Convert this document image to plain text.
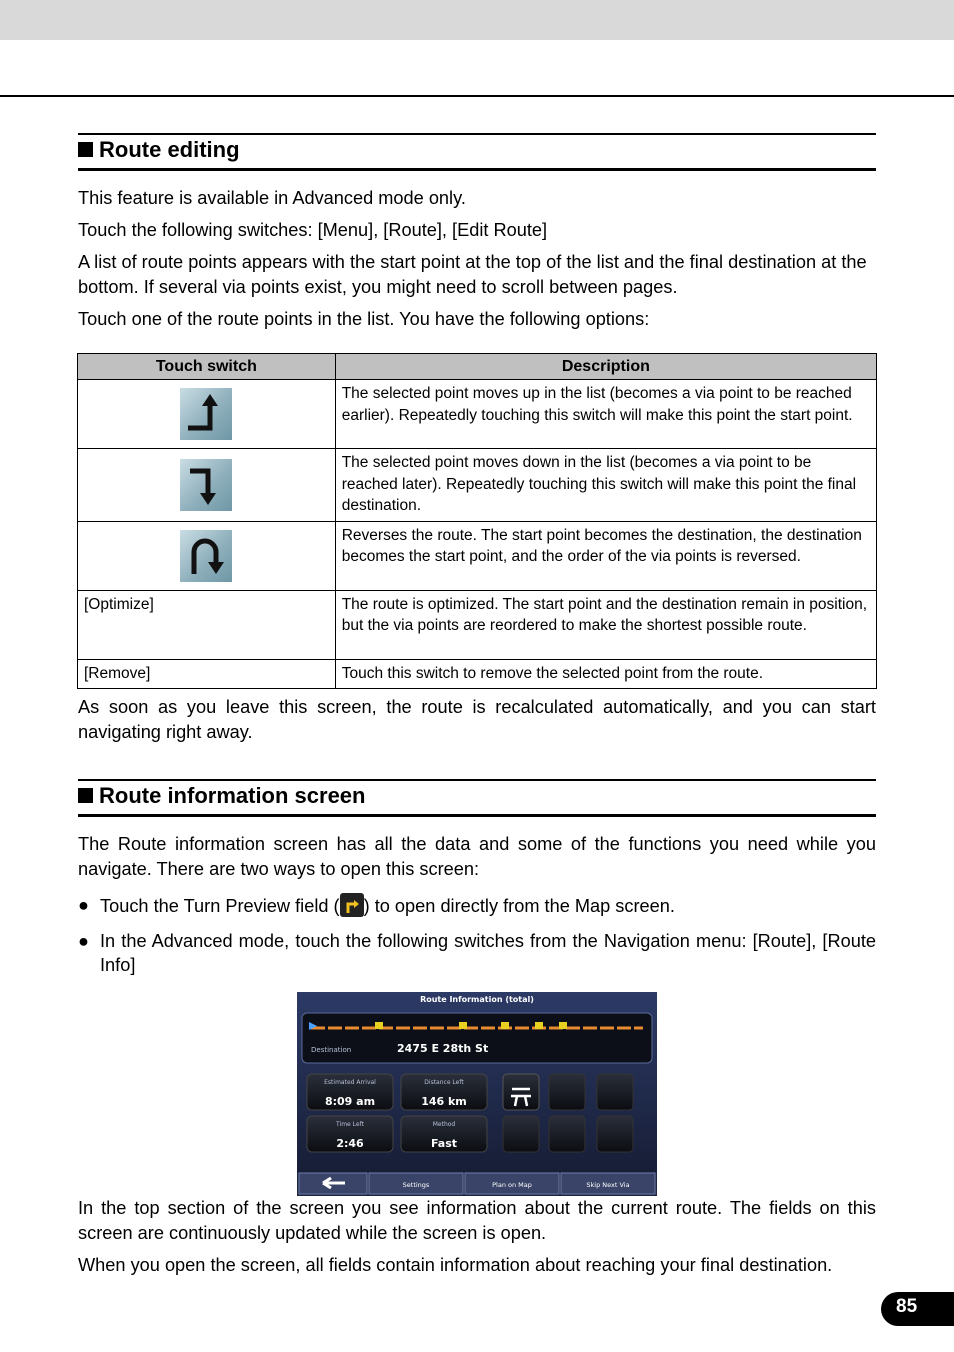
Route editing

This feature is available in Advanced mode only.

Touch the following switches: [Menu], [Route], [Edit Route]

A list of route points appears with the start point at the top of the list and the final destination at the bottom. If several via points exist, you might need to scroll between pages.

Touch one of the route points in the list. You have the following options:

Touch switch	Description

	The selected point moves up in the list (becomes a via point to be reached earlier). Repeatedly touching this switch will make this point the start point.

	The selected point moves down in the list (becomes a via point to be reached later). Repeatedly touching this switch will make this point the final destination.

	Reverses the route. The start point becomes the destination, the destination becomes the start point, and the order of the via points is reversed.
[Optimize]	The route is optimized. The start point and the destination remain in position, but the via points are reordered to make the shortest possible route.
[Remove]	Touch this switch to remove the selected point from the route.

As soon as you leave this screen, the route is recalculated automatically, and you can start navigating right away.

Route information screen

The Route information screen has all the data and some of the functions you need while you navigate. There are two ways to open this screen:

● Touch the Turn Preview field ( ) to open directly from the Map screen.
● In the Advanced mode, touch the following switches from the Navigation menu: [Route], [Route Info]
Route Information (total)
Destination	2475 E 28th St
Estimated Arrival
8:09 am
Distance Left
146 km
Time Left
2:46
Method
Fast
Settings	Plan on Map	Skip Next Via

In the top section of the screen you see information about the current route. The fields on this screen are continuously updated while the screen is open.

When you open the screen, all fields contain information about reaching your final destination.

85
